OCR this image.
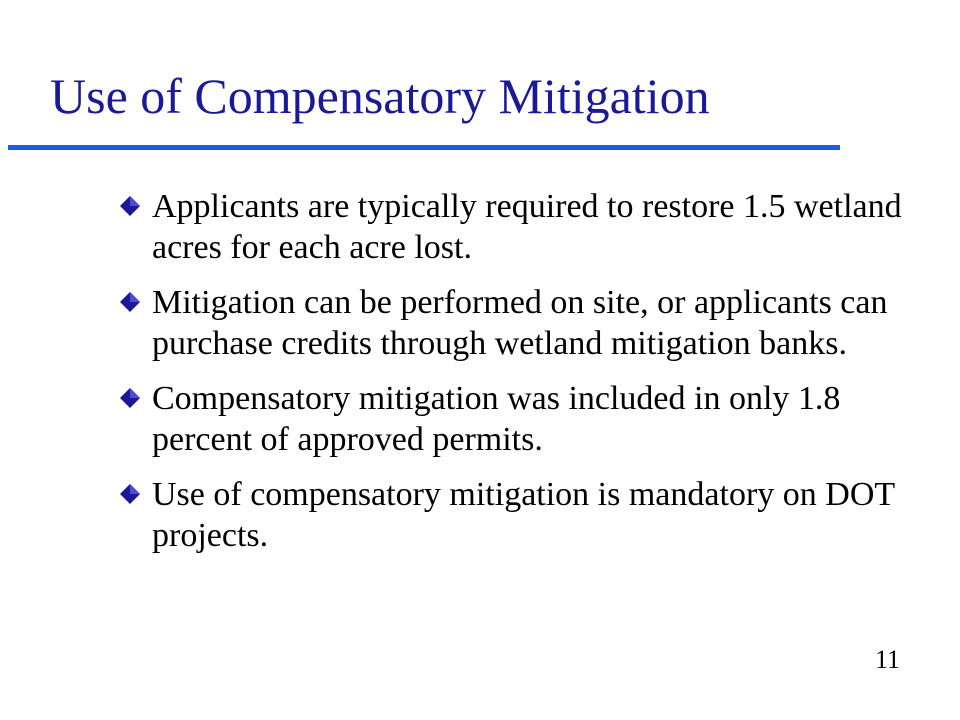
Use of Compensatory Mitigation
Applicants are typically required to restore 1.5 wetland acres for each acre lost.
Mitigation can be performed on site, or applicants can purchase credits through wetland mitigation banks.
Compensatory mitigation was included in only 1.8 percent of approved permits.
Use of compensatory mitigation is mandatory on DOT projects.
11
